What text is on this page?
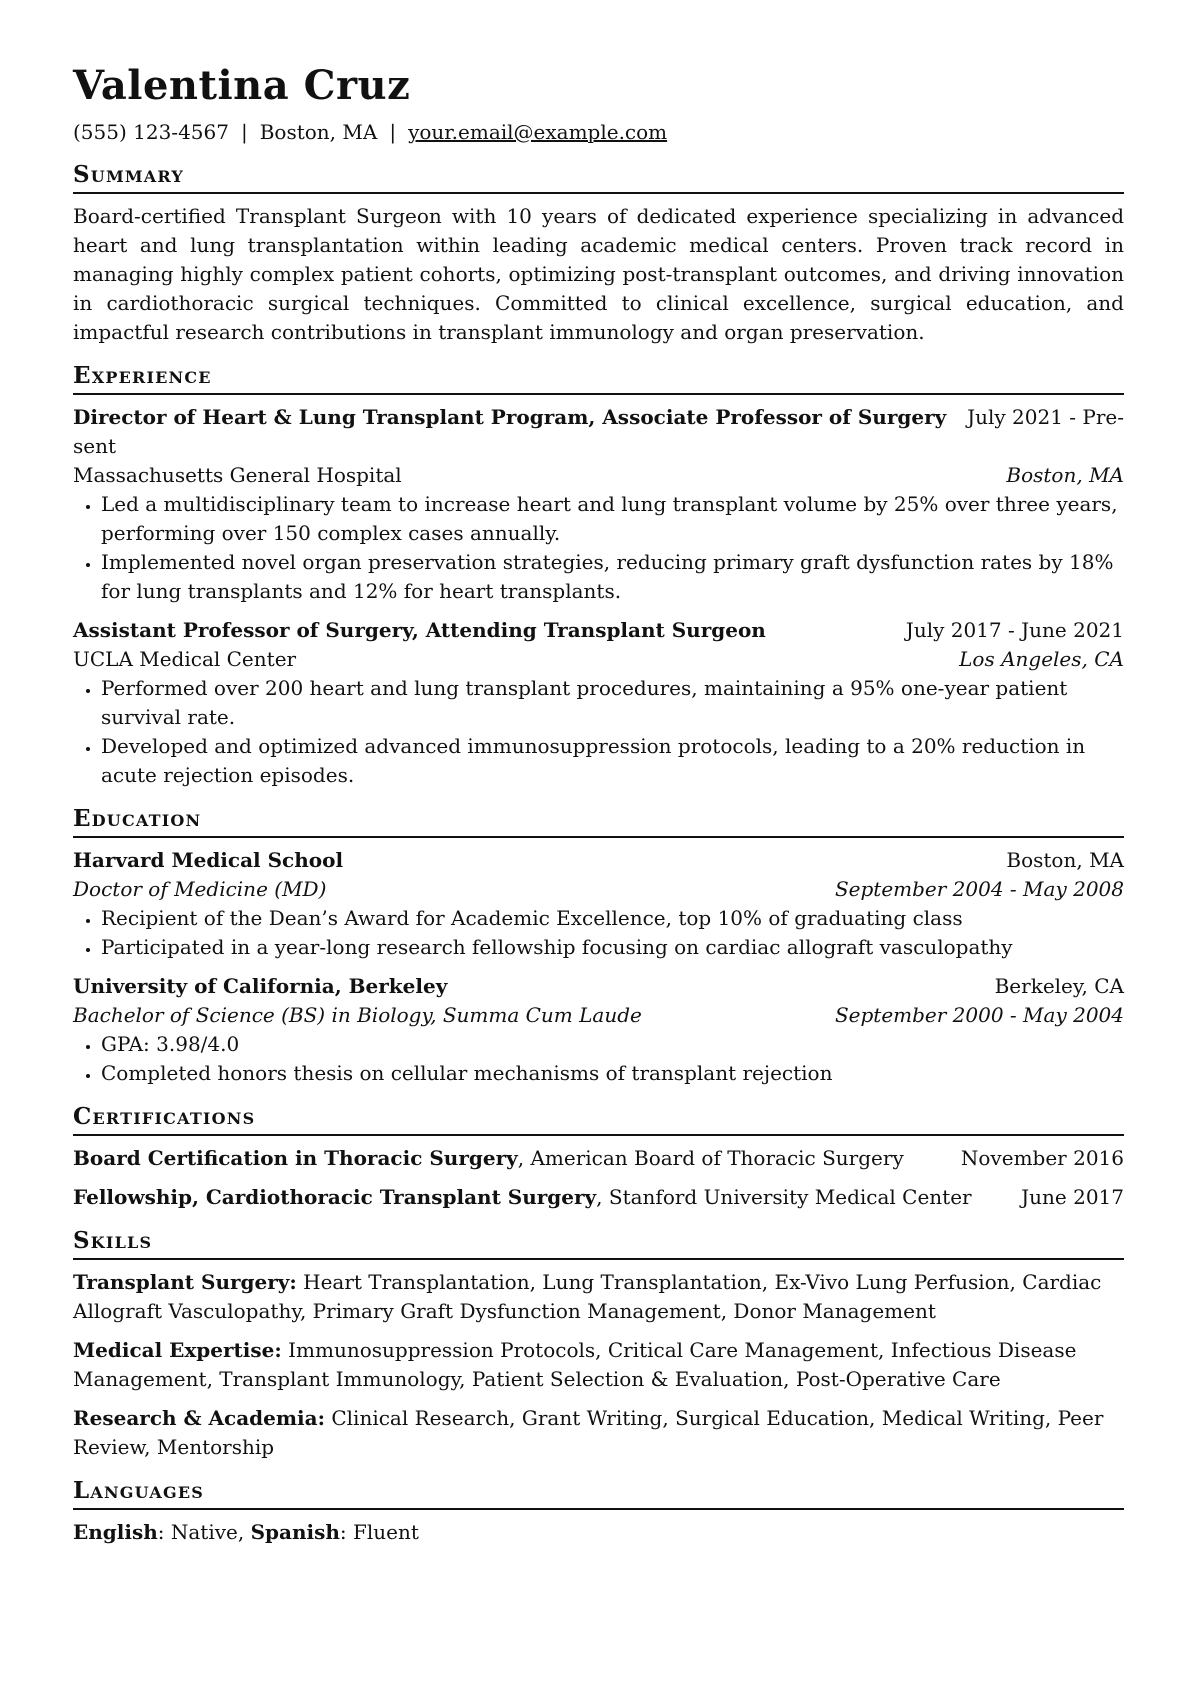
Valentina Cruz
(555) 123-4567 | Boston, MA | your.email@example.com
Summary

Board-certified Transplant Surgeon with 10 years of dedicated experience specializing in advanced heart and lung transplantation within leading academic medical centers. Proven track record in managing highly complex patient cohorts, optimizing post-transplant outcomes, and driving innovation in cardiothoracic surgical techniques. Committed to clinical excellence, surgical education, and impactful research contributions in transplant immunology and organ preservation.

Experience
Director of Heart & Lung Transplant Program, Associate Professor of Surgery July 2021 - Pre-
sent
Massachusetts General Hospital	Boston, MA
• Led a multidisciplinary team to increase heart and lung transplant volume by 25% over three years, performing over 150 complex cases annually.
• Implemented novel organ preservation strategies, reducing primary graft dysfunction rates by 18% for lung transplants and 12% for heart transplants.
Assistant Professor of Surgery, Attending Transplant Surgeon	July 2017 - June 2021
UCLA Medical Center	Los Angeles, CA
• Performed over 200 heart and lung transplant procedures, maintaining a 95% one-year patient survival rate.
• Developed and optimized advanced immunosuppression protocols, leading to a 20% reduction in acute rejection episodes.
Education
Harvard Medical School	Boston, MA
Doctor of Medicine (MD)	September 2004 - May 2008
• Recipient of the Dean’s Award for Academic Excellence, top 10% of graduating class
• Participated in a year-long research fellowship focusing on cardiac allograft vasculopathy
University of California, Berkeley	Berkeley, CA
Bachelor of Science (BS) in Biology, Summa Cum Laude	September 2000 - May 2004
• GPA: 3.98/4.0
• Completed honors thesis on cellular mechanisms of transplant rejection
Certifications
Board Certification in Thoracic Surgery, American Board of Thoracic Surgery	November 2016
Fellowship, Cardiothoracic Transplant Surgery, Stanford University Medical Center June 2017
Skills
Transplant Surgery: Heart Transplantation, Lung Transplantation, Ex-Vivo Lung Perfusion, Cardiac Allograft Vasculopathy, Primary Graft Dysfunction Management, Donor Management
Medical Expertise: Immunosuppression Protocols, Critical Care Management, Infectious Disease Management, Transplant Immunology, Patient Selection & Evaluation, Post-Operative Care
Research & Academia: Clinical Research, Grant Writing, Surgical Education, Medical Writing, Peer Review, Mentorship
Languages

English: Native, Spanish: Fluent
